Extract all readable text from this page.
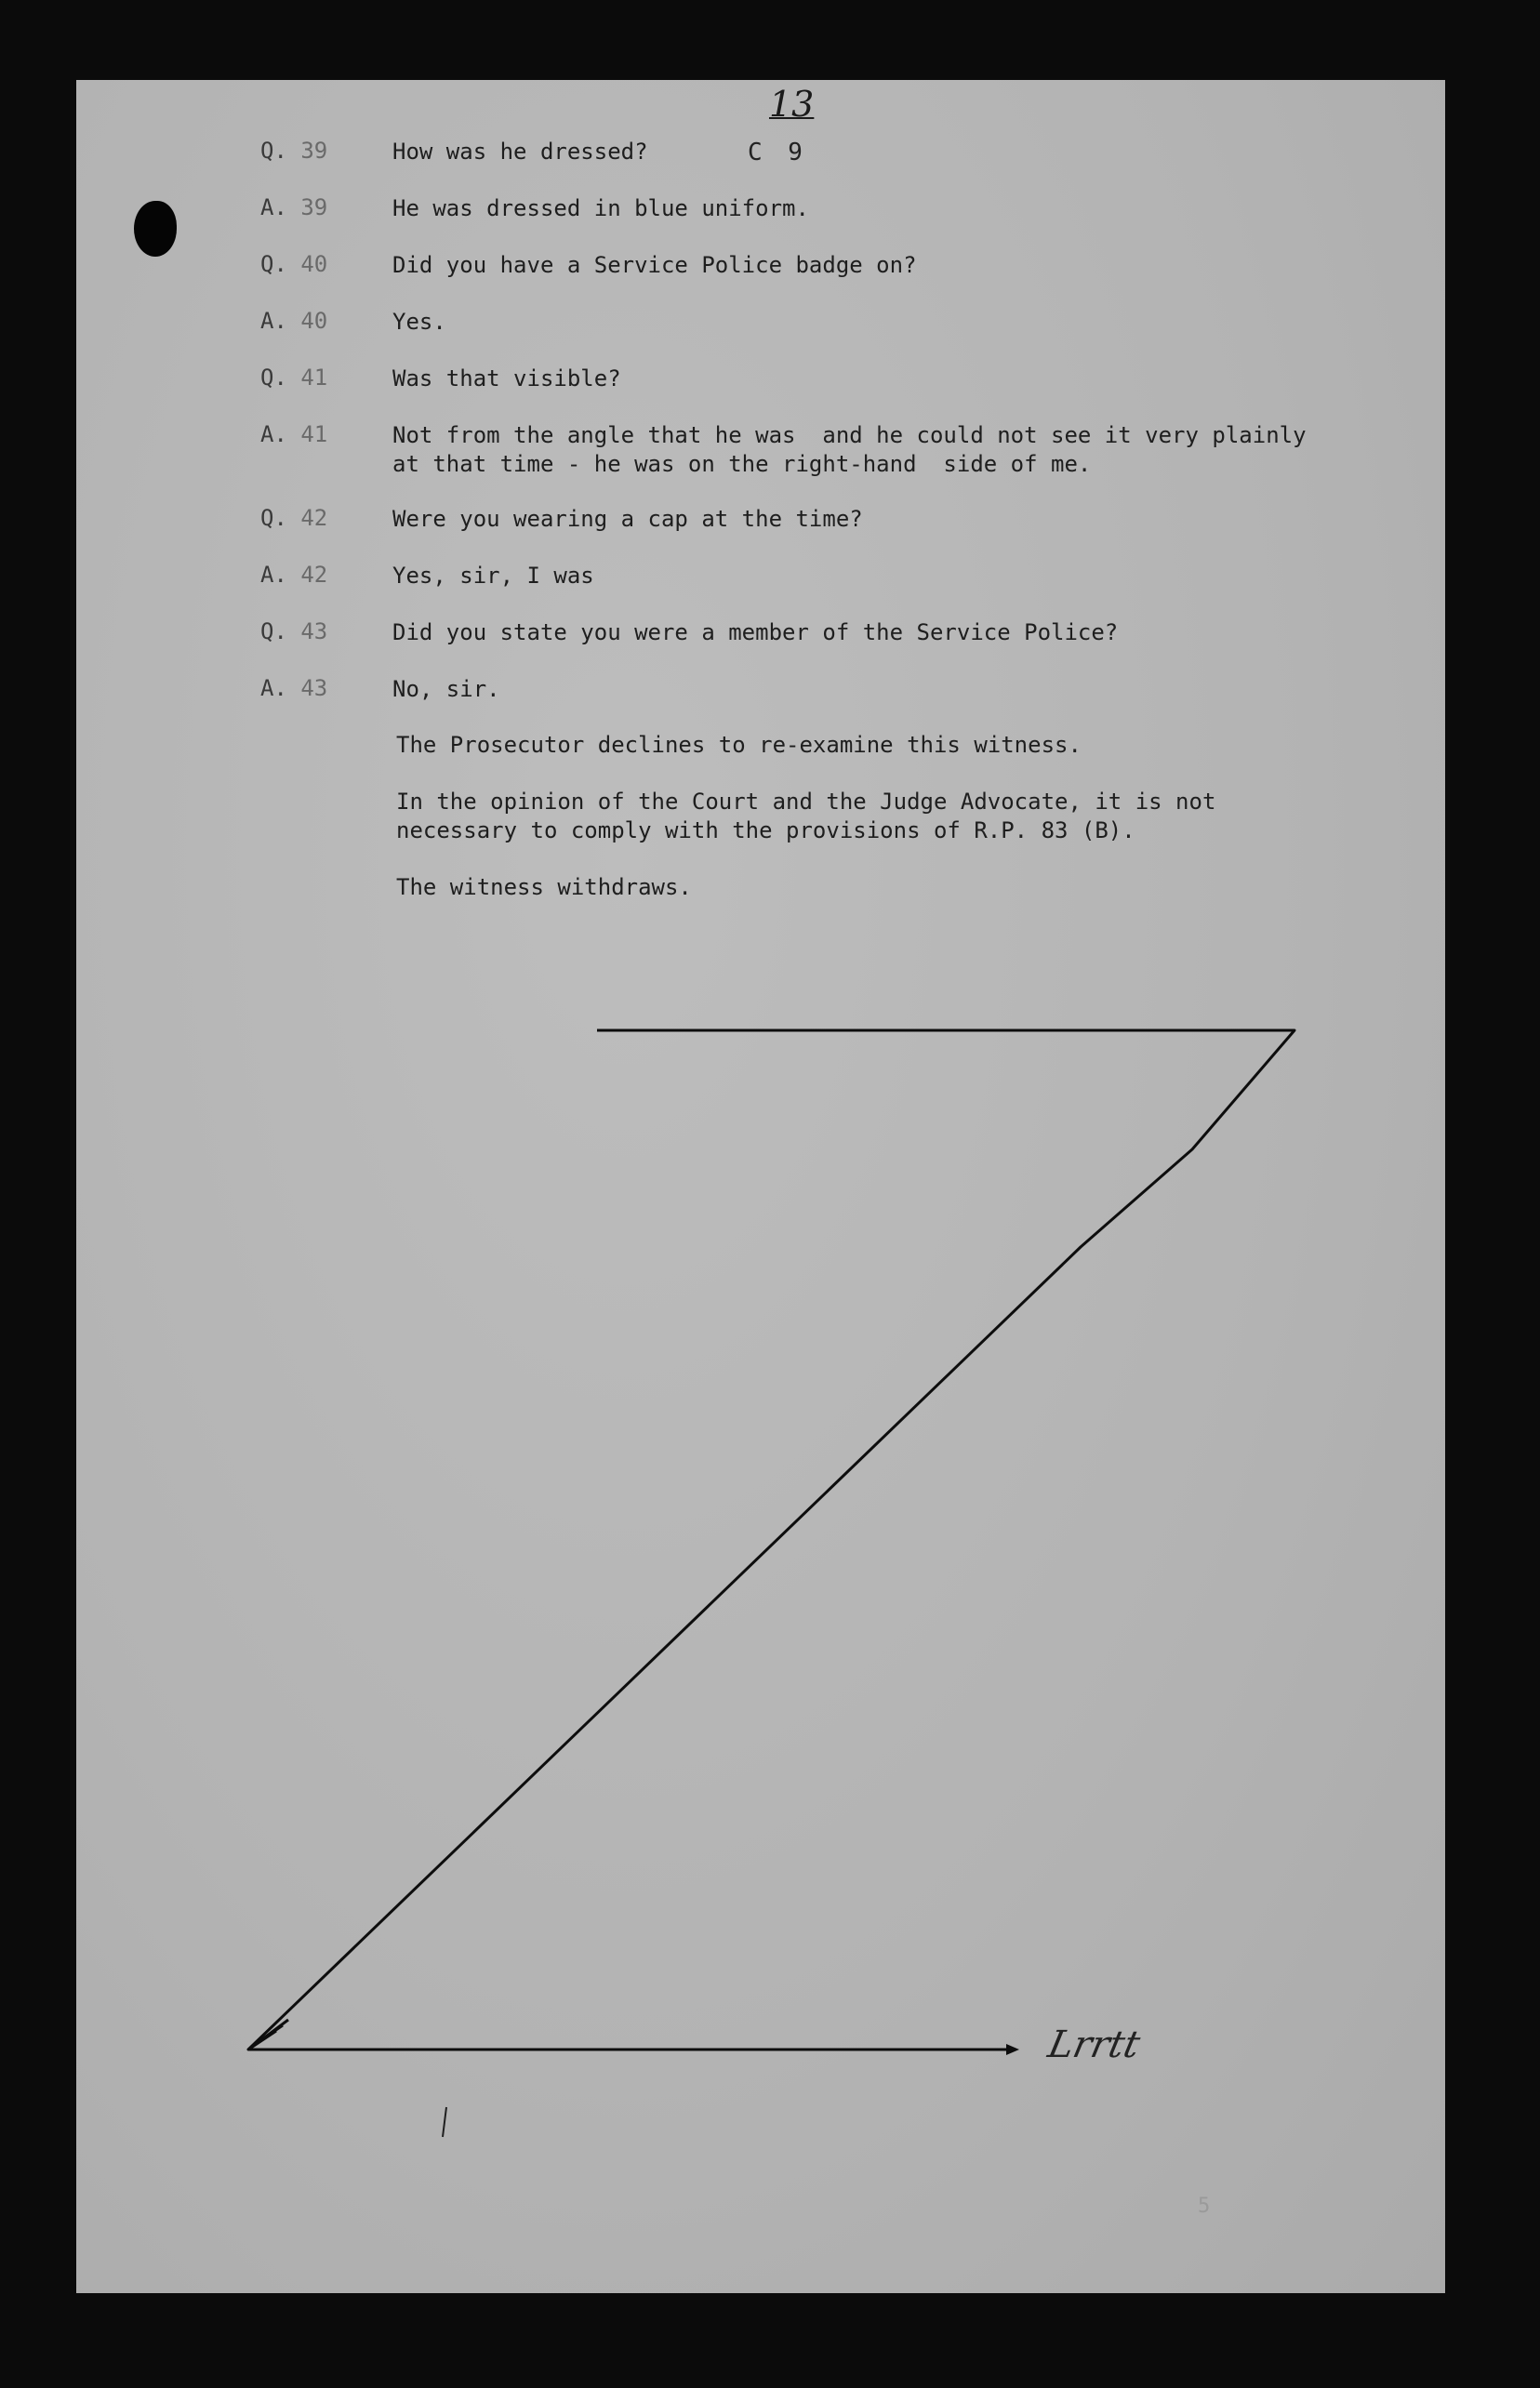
13
C 9
Q. 39	How was he dressed?
A. 39	He was dressed in blue uniform.
Q. 40	Did you have a Service Police badge on?
A. 40	Yes.
Q. 41	Was that visible?
A. 41	Not from the angle that he was  and he could not see it very plainly
at that time - he was on the right-hand  side of me.
Q. 42	Were you wearing a cap at the time?
A. 42	Yes, sir, I was
Q. 43	Did you state you were a member of the Service Police?
A. 43	No, sir.
The Prosecutor declines to re-examine this witness.
In the opinion of the Court and the Judge Advocate, it is not
necessary to comply with the provisions of R.P. 83 (B).
The witness withdraws.
Lrrtt
5
